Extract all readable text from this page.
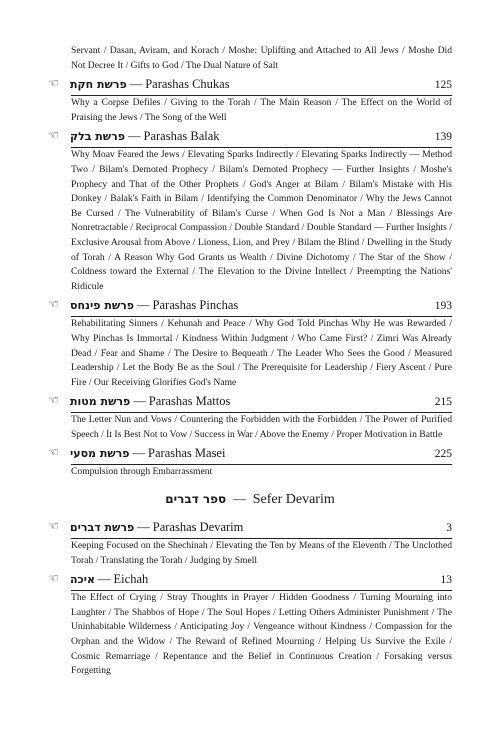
Servant / Dasan, Aviram, and Korach / Moshe: Uplifting and Attached to All Jews / Moshe Did Not Decree It / Gifts to God / The Dual Nature of Salt
☜	פרשת חקת — Parashas Chukas	125
Why a Corpse Defiles / Giving to the Torah / The Main Reason / The Effect on the World of Praising the Jews / The Song of the Well
☜	פרשת בלק — Parashas Balak	139
Why Moav Feared the Jews / Elevating Sparks Indirectly / Elevating Sparks Indirectly — Method Two / Bilam's Demoted Prophecy / Bilam's Demoted Prophecy — Further Insights / Moshe's Prophecy and That of the Other Prophets / God's Anger at Bilam / Bilam's Mistake with His Donkey / Balak's Faith in Bilam / Identifying the Common Denominator / Why the Jews Cannot Be Cursed / The Vulnerability of Bilam's Curse / When God Is Not a Man / Blessings Are Nonretractable / Reciprocal Compassion / Double Standard / Double Standard — Further Insights / Exclusive Arousal from Above / Lioness, Lion, and Prey / Bilam the Blind / Dwelling in the Study of Torah / A Reason Why God Grants us Wealth / Divine Dichotomy / The Star of the Show / Coldness toward the External / The Elevation to the Divine Intellect / Preempting the Nations' Ridicule
☜	פרשת פינחס — Parashas Pinchas	193
Rehabilitating Sinners / Kehunah and Peace / Why God Told Pinchas Why He was Rewarded / Why Pinchas Is Immortal / Kindness Within Judgment / Who Came First? / Zimri Was Already Dead / Fear and Shame / The Desire to Bequeath / The Leader Who Sees the Good / Measured Leadership / Let the Body Be as the Soul / The Prerequisite for Leadership / Fiery Ascent / Pure Fire / Our Receiving Glorifies God's Name
☜	פרשת מטות — Parashas Mattos	215
The Letter Nun and Vows / Countering the Forbidden with the Forbidden / The Power of Purified Speech / It Is Best Not to Vow / Success in War / Above the Enemy / Proper Motivation in Battle
☜	פרשת מסעי — Parashas Masei	225
Compulsion through Embarrassment
ספר דברים — Sefer Devarim
☜	פרשת דברים — Parashas Devarim	3
Keeping Focused on the Shechinah / Elevating the Ten by Means of the Eleventh / The Unclothed Torah / Translating the Torah / Judging by Smell
☜	איכה — Eichah	13
The Effect of Crying / Stray Thoughts in Prayer / Hidden Goodness / Turning Mourning into Laughter / The Shabbos of Hope / The Soul Hopes / Letting Others Administer Punishment / The Uninhabitable Wilderness / Anticipating Joy / Vengeance without Kindness / Compassion for the Orphan and the Widow / The Reward of Refined Mourning / Helping Us Survive the Exile / Cosmic Remarriage / Repentance and the Belief in Continuous Creation / Forsaking versus Forgetting
